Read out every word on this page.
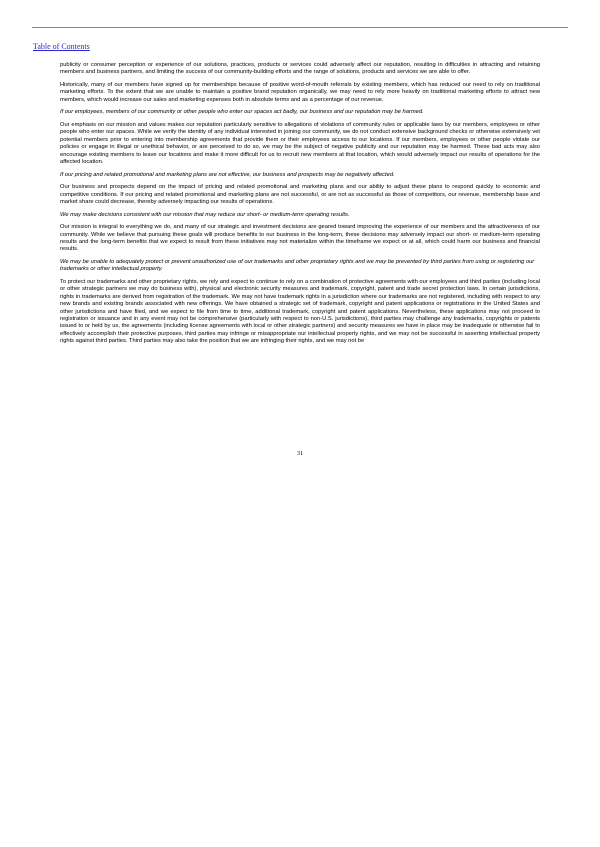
Table of Contents

publicity or consumer perception or experience of our solutions, practices, products or services could adversely affect our reputation, resulting in difficulties in attracting and retaining members and business partners, and limiting the success of our community-building efforts and the range of solutions, products and services we are able to offer.

Historically, many of our members have signed up for memberships because of positive word-of-mouth referrals by existing members, which has reduced our need to rely on traditional marketing efforts. To the extent that we are unable to maintain a positive brand reputation organically, we may need to rely more heavily on traditional marketing efforts to attract new members, which would increase our sales and marketing expenses both in absolute terms and as a percentage of our revenue.

If our employees, members of our community or other people who enter our spaces act badly, our business and our reputation may be harmed.

Our emphasis on our mission and values makes our reputation particularly sensitive to allegations of violations of community rules or applicable laws by our members, employees or other people who enter our spaces. While we verify the identity of any individual interested in joining our community, we do not conduct extensive background checks or otherwise extensively vet potential members prior to entering into membership agreements that provide them or their employees access to our locations. If our members, employees or other people violate our policies or engage in illegal or unethical behavior, or are perceived to do so, we may be the subject of negative publicity and our reputation may be harmed. These bad acts may also encourage existing members to leave our locations and make it more difficult for us to recruit new members at that location, which would adversely impact our results of operations for the affected location.

If our pricing and related promotional and marketing plans are not effective, our business and prospects may be negatively affected.

Our business and prospects depend on the impact of pricing and related promotional and marketing plans and our ability to adjust these plans to respond quickly to economic and competitive conditions. If our pricing and related promotional and marketing plans are not successful, or are not as successful as those of competitors, our revenue, membership base and market share could decrease, thereby adversely impacting our results of operations.

We may make decisions consistent with our mission that may reduce our short- or medium-term operating results.

Our mission is integral to everything we do, and many of our strategic and investment decisions are geared toward improving the experience of our members and the attractiveness of our community. While we believe that pursuing these goals will produce benefits to our business in the long-term, these decisions may adversely impact our short- or medium-term operating results and the long-term benefits that we expect to result from these initiatives may not materialize within the timeframe we expect or at all, which could harm our business and financial results.

We may be unable to adequately protect or prevent unauthorized use of our trademarks and other proprietary rights and we may be prevented by third parties from using or registering our trademarks or other intellectual property.

To protect our trademarks and other proprietary rights, we rely and expect to continue to rely on a combination of protective agreements with our employees and third parties (including local or other strategic partners we may do business with), physical and electronic security measures and trademark, copyright, patent and trade secret protection laws. In certain jurisdictions, rights in trademarks are derived from registration of the trademark. We may not have trademark rights in a jurisdiction where our trademarks are not registered, including with respect to any new brands and existing brands associated with new offerings. We have obtained a strategic set of trademark, copyright and patent applications or registrations in the United States and other jurisdictions and have filed, and we expect to file from time to time, additional trademark, copyright and patent applications. Nevertheless, these applications may not proceed to registration or issuance and in any event may not be comprehensive (particularly with respect to non-U.S. jurisdictions), third parties may challenge any trademarks, copyrights or patents issued to or held by us, the agreements (including license agreements with local or other strategic partners) and security measures we have in place may be inadequate or otherwise fail to effectively accomplish their protective purposes, third parties may infringe or misappropriate our intellectual property rights, and we may not be successful in asserting intellectual property rights against third parties. Third parties may also take the position that we are infringing their rights, and we may not be

31
